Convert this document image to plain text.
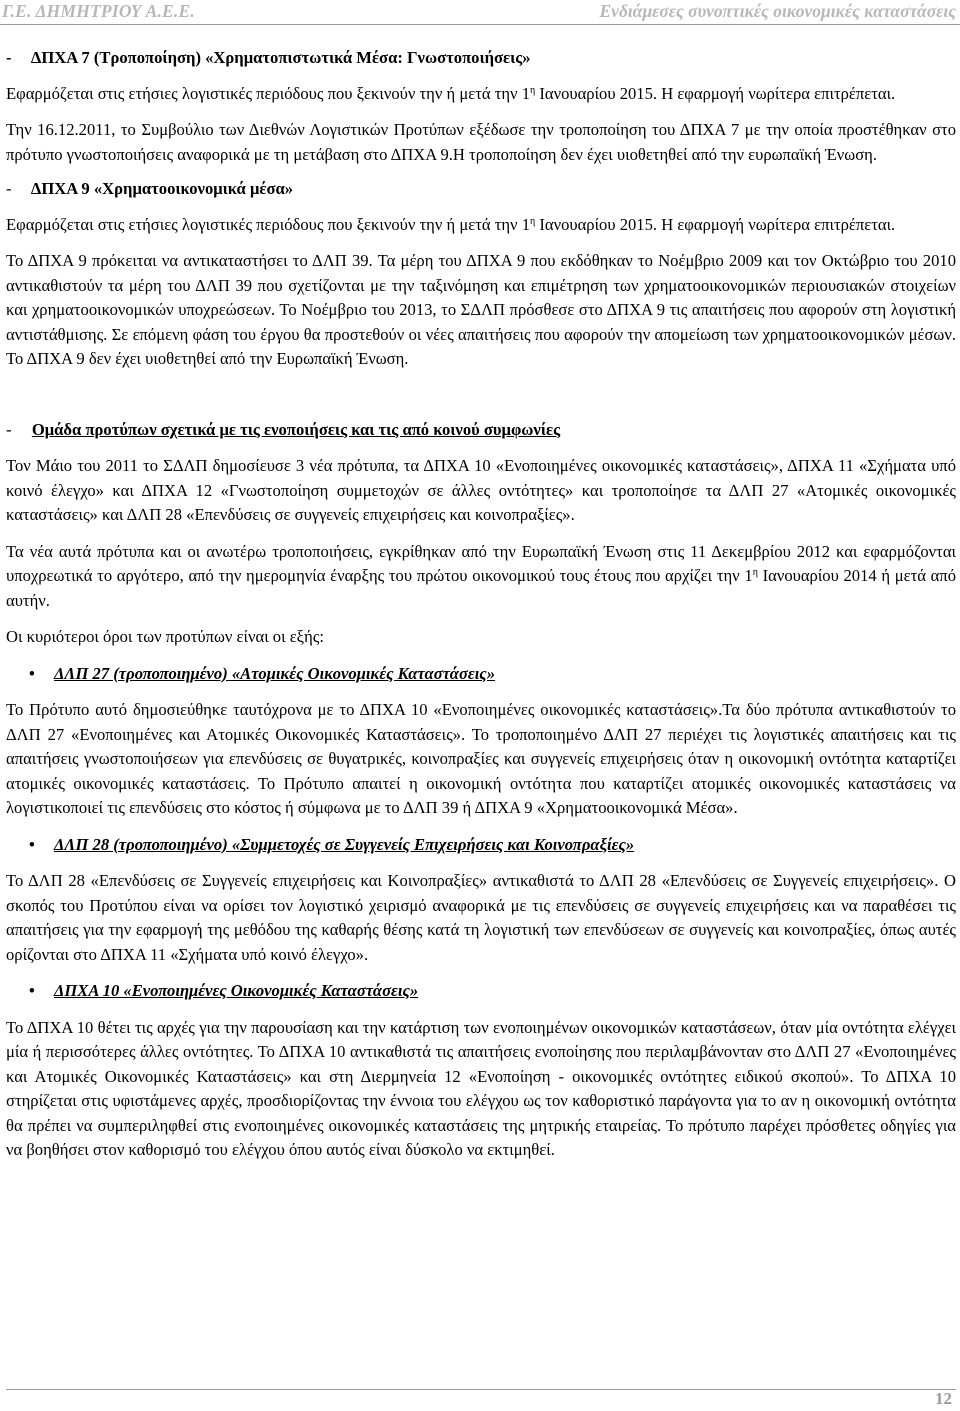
Γ.Ε. ΔΗΜΗΤΡΙΟΥ Α.Ε.Ε.	Ενδιάμεσες συνοπτικές οικονομικές καταστάσεις

- ΔΠΧΑ 7 (Τροποποίηση) «Χρηματοπιστωτικά Μέσα: Γνωστοποιήσεις»

Εφαρμόζεται στις ετήσιες λογιστικές περιόδους που ξεκινούν την ή μετά την $1^\eta$ Ιανουαρίου 2015. Η εφαρμογή νωρίτερα επιτρέπεται.

Την 16.12.2011, το Συμβούλιο των Διεθνών Λογιστικών Προτύπων εξέδωσε την τροποποίηση του ΔΠΧΑ 7 με την οποία προστέθηκαν στο πρότυπο γνωστοποιήσεις αναφορικά με τη μετάβαση στο ΔΠΧΑ 9.Η τροποποίηση δεν έχει υιοθετηθεί από την ευρωπαϊκή Ένωση.

- ΔΠΧΑ 9 «Χρηματοοικονομικά μέσα»

Εφαρμόζεται στις ετήσιες λογιστικές περιόδους που ξεκινούν την ή μετά την $1^\eta$ Ιανουαρίου 2015. Η εφαρμογή νωρίτερα επιτρέπεται.

Το ΔΠΧΑ 9 πρόκειται να αντικαταστήσει το ΔΛΠ 39. Τα μέρη του ΔΠΧΑ 9 που εκδόθηκαν το Νοέμβριο 2009 και τον Οκτώβριο του 2010 αντικαθιστούν τα μέρη του ΔΛΠ 39 που σχετίζονται με την ταξινόμηση και επιμέτρηση των χρηματοοικονομικών περιουσιακών στοιχείων και χρηματοοικονομικών υποχρεώσεων. Το Νοέμβριο του 2013, το ΣΔΛΠ πρόσθεσε στο ΔΠΧΑ 9 τις απαιτήσεις που αφορούν στη λογιστική αντιστάθμισης. Σε επόμενη φάση του έργου θα προστεθούν οι νέες απαιτήσεις που αφορούν την απομείωση των χρηματοοικονομικών μέσων. Το ΔΠΧΑ 9 δεν έχει υιοθετηθεί από την Ευρωπαϊκή Ένωση.

- Ομάδα προτύπων σχετικά με τις ενοποιήσεις και τις από κοινού συμφωνίες

Τον Μάιο του 2011 το ΣΔΛΠ δημοσίευσε 3 νέα πρότυπα, τα ΔΠΧΑ 10 «Ενοποιημένες οικονομικές καταστάσεις», ΔΠΧΑ 11 «Σχήματα υπό κοινό έλεγχο» και ΔΠΧΑ 12 «Γνωστοποίηση συμμετοχών σε άλλες οντότητες» και τροποποίησε τα ΔΛΠ 27 «Ατομικές οικονομικές καταστάσεις» και ΔΛΠ 28 «Επενδύσεις σε συγγενείς επιχειρήσεις και κοινοπραξίες».

Τα νέα αυτά πρότυπα και οι ανωτέρω τροποποιήσεις, εγκρίθηκαν από την Ευρωπαϊκή Ένωση στις 11 Δεκεμβρίου 2012 και εφαρμόζονται υποχρεωτικά το αργότερο, από την ημερομηνία έναρξης του πρώτου οικονομικού τους έτους που αρχίζει την $1^\eta$ Ιανουαρίου 2014 ή μετά από αυτήν.

Οι κυριότεροι όροι των προτύπων είναι οι εξής:

• ΔΛΠ 27 (τροποποιημένο) «Ατομικές Οικονομικές Καταστάσεις»

Το Πρότυπο αυτό δημοσιεύθηκε ταυτόχρονα με το ΔΠΧΑ 10 «Ενοποιημένες οικονομικές καταστάσεις».Τα δύο πρότυπα αντικαθιστούν το ΔΛΠ 27 «Ενοποιημένες και Ατομικές Οικονομικές Καταστάσεις». Το τροποποιημένο ΔΛΠ 27 περιέχει τις λογιστικές απαιτήσεις και τις απαιτήσεις γνωστοποιήσεων για επενδύσεις σε θυγατρικές, κοινοπραξίες και συγγενείς επιχειρήσεις όταν η οικονομική οντότητα καταρτίζει ατομικές οικονομικές καταστάσεις. Το Πρότυπο απαιτεί η οικονομική οντότητα που καταρτίζει ατομικές οικονομικές καταστάσεις να λογιστικοποιεί τις επενδύσεις στο κόστος ή σύμφωνα με το ΔΛΠ 39 ή ΔΠΧΑ 9 «Χρηματοοικονομικά Μέσα».

• ΔΛΠ 28 (τροποποιημένο) «Συμμετοχές σε Συγγενείς Επιχειρήσεις και Κοινοπραξίες»

Το ΔΛΠ 28 «Επενδύσεις σε Συγγενείς επιχειρήσεις και Κοινοπραξίες» αντικαθιστά το ΔΛΠ 28 «Επενδύσεις σε Συγγενείς επιχειρήσεις». Ο σκοπός του Προτύπου είναι να ορίσει τον λογιστικό χειρισμό αναφορικά με τις επενδύσεις σε συγγενείς επιχειρήσεις και να παραθέσει τις απαιτήσεις για την εφαρμογή της μεθόδου της καθαρής θέσης κατά τη λογιστική των επενδύσεων σε συγγενείς και κοινοπραξίες, όπως αυτές ορίζονται στο ΔΠΧΑ 11 «Σχήματα υπό κοινό έλεγχο».

• ΔΠΧΑ 10 «Ενοποιημένες Οικονομικές Καταστάσεις»

Το ΔΠΧΑ 10 θέτει τις αρχές για την παρουσίαση και την κατάρτιση των ενοποιημένων οικονομικών καταστάσεων, όταν μία οντότητα ελέγχει μία ή περισσότερες άλλες οντότητες. Το ΔΠΧΑ 10 αντικαθιστά τις απαιτήσεις ενοποίησης που περιλαμβάνονταν στο ΔΛΠ 27 «Ενοποιημένες και Ατομικές Οικονομικές Καταστάσεις» και στη Διερμηνεία 12 «Ενοποίηση - οικονομικές οντότητες ειδικού σκοπού». Το ΔΠΧΑ 10 στηρίζεται στις υφιστάμενες αρχές, προσδιορίζοντας την έννοια του ελέγχου ως τον καθοριστικό παράγοντα για το αν η οικονομική οντότητα θα πρέπει να συμπεριληφθεί στις ενοποιημένες οικονομικές καταστάσεις της μητρικής εταιρείας. Το πρότυπο παρέχει πρόσθετες οδηγίες για να βοηθήσει στον καθορισμό του ελέγχου όπου αυτός είναι δύσκολο να εκτιμηθεί.

12
